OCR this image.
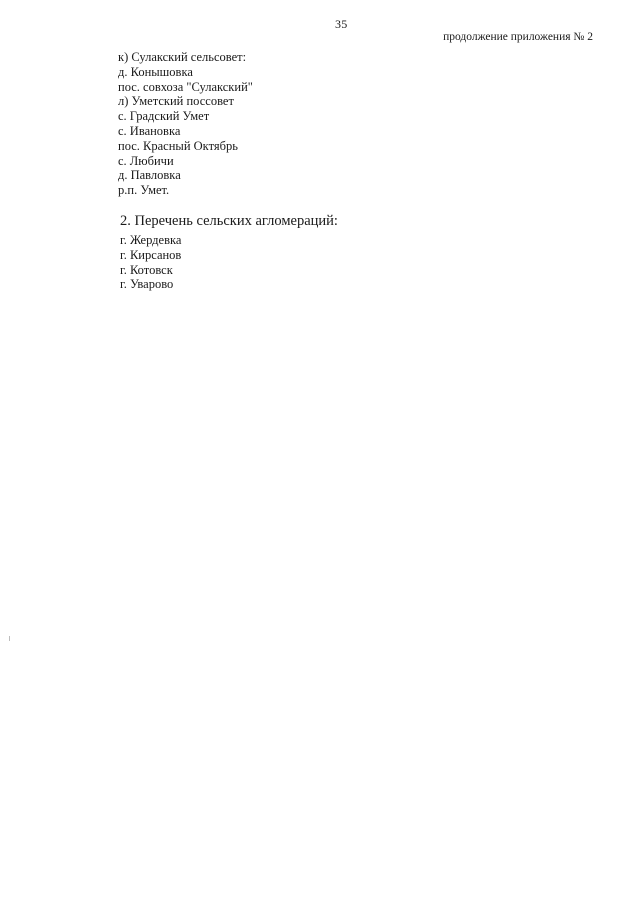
35
продолжение приложения № 2
к) Сулакский сельсовет:
д. Конышовка
пос. совхоза "Сулакский"
л) Уметский поссовет
с. Градский Умет
с. Ивановка
пос. Красный Октябрь
с. Любичи
д. Павловка
р.п. Умет.
2. Перечень сельских агломераций:
г. Жердевка
г. Кирсанов
г. Котовск
г. Уварово
